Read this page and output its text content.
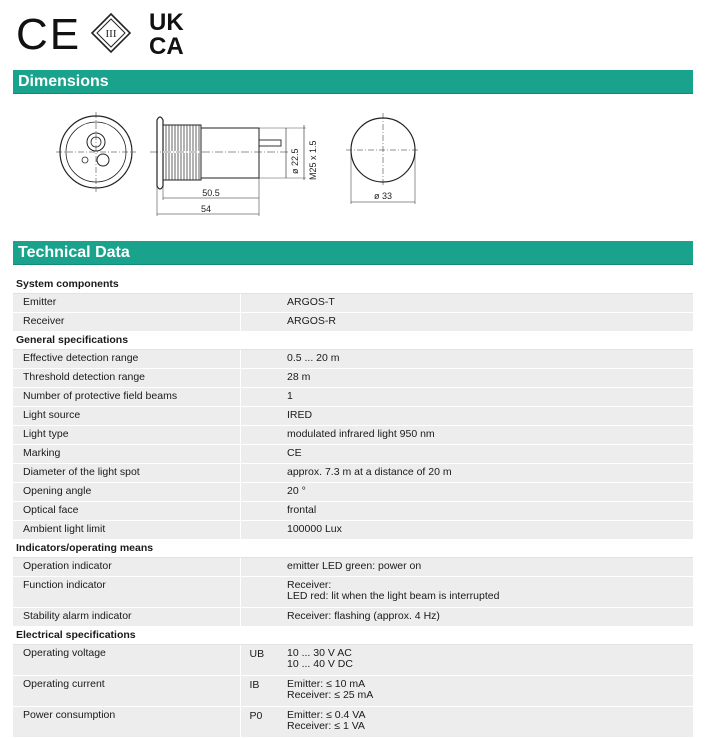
CE III UK
CA
Dimensions
50.5
54
ø 22.5 M25 x 1.5
ø 33
Technical Data
System components		
Emitter		ARGOS-T
Receiver		ARGOS-R
General specifications		
Effective detection range		0.5 ... 20 m
Threshold detection range		28 m
Number of protective field beams		1
Light source		IRED
Light type		modulated infrared light 950 nm
Marking		CE
Diameter of the light spot		approx. 7.3 m at a distance of 20 m
Opening angle		20 °
Optical face		frontal
Ambient light limit		100000 Lux
Indicators/operating means		
Operation indicator		emitter LED green: power on
Function indicator		Receiver:
LED red: lit when the light beam is interrupted

Stability alarm indicator		Receiver: flashing (approx. 4 Hz)
Electrical specifications		
Operating voltage	UB	10 ... 30 V AC
10 ... 40 V DC

Operating current	IB	Emitter: ≤ 10 mA
Receiver: ≤ 25 mA

Power consumption	P0	Emitter: ≤ 0.4 VA
Receiver: ≤ 1 VA
